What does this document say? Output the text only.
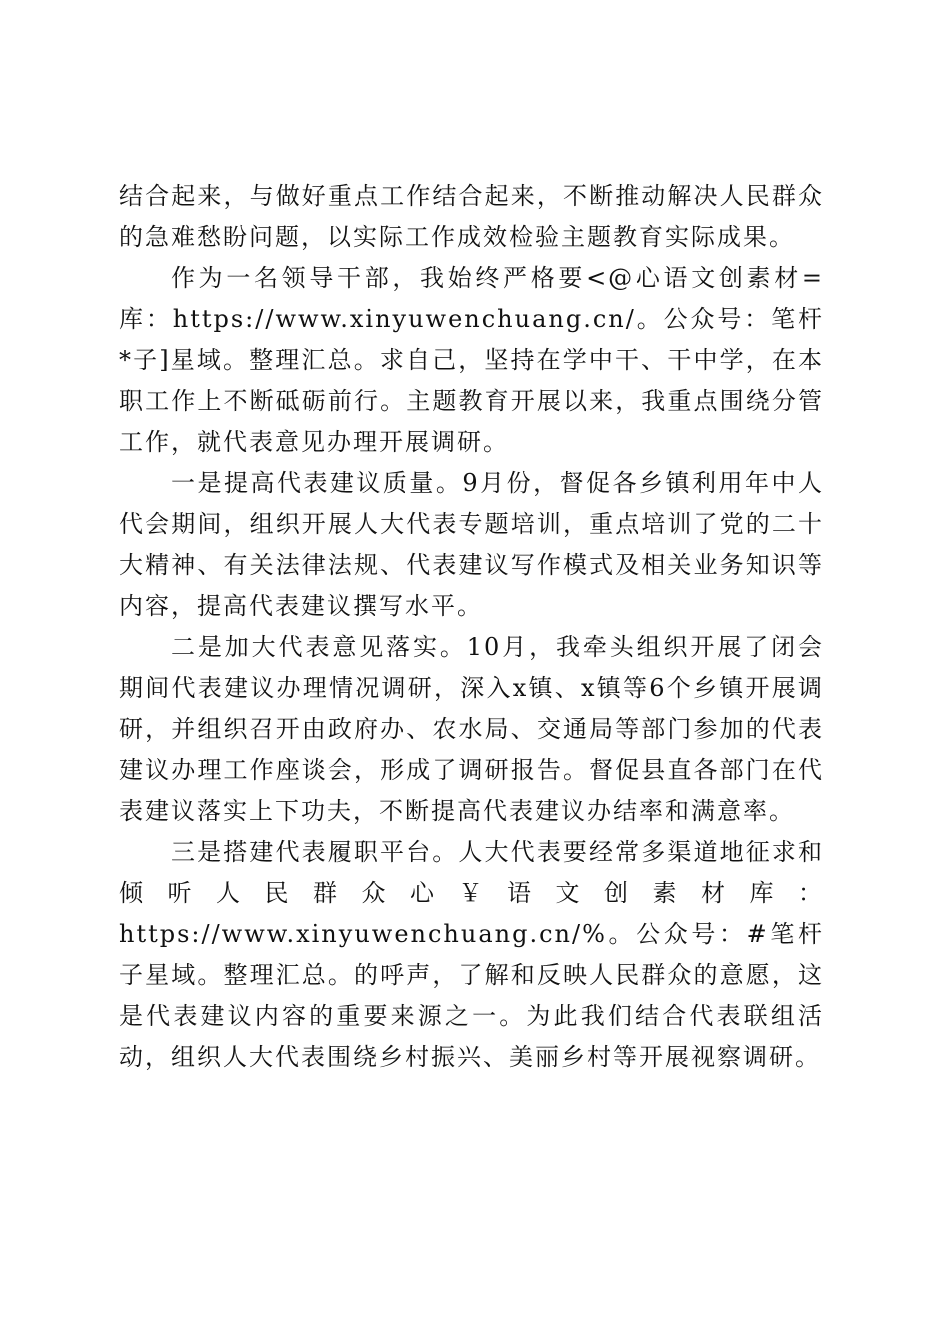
结合起来，与做好重点工作结合起来，不断推动解决人民群众的急难愁盼问题，以实际工作成效检验主题教育实际成果。

作为一名领导干部，我始终严格要<@心语文创素材=库：https://www.xinyuwenchuang.cn/。公众号：笔杆*子]星域。整理汇总。求自己，坚持在学中干、干中学，在本职工作上不断砥砺前行。主题教育开展以来，我重点围绕分管工作，就代表意见办理开展调研。

一是提高代表建议质量。9月份，督促各乡镇利用年中人代会期间，组织开展人大代表专题培训，重点培训了党的二十大精神、有关法律法规、代表建议写作模式及相关业务知识等内容，提高代表建议撰写水平。

二是加大代表意见落实。10月，我牵头组织开展了闭会期间代表建议办理情况调研，深入x镇、x镇等6个乡镇开展调研，并组织召开由政府办、农水局、交通局等部门参加的代表建议办理工作座谈会，形成了调研报告。督促县直各部门在代表建议落实上下功夫，不断提高代表建议办结率和满意率。

三是搭建代表履职平台。人大代表要经常多渠道地征求和倾听人民群众心￥语文创素材库：https://www.xinyuwenchuang.cn/%。公众号：#笔杆子星域。整理汇总。的呼声，了解和反映人民群众的意愿，这是代表建议内容的重要来源之一。为此我们结合代表联组活动，组织人大代表围绕乡村振兴、美丽乡村等开展视察调研。
